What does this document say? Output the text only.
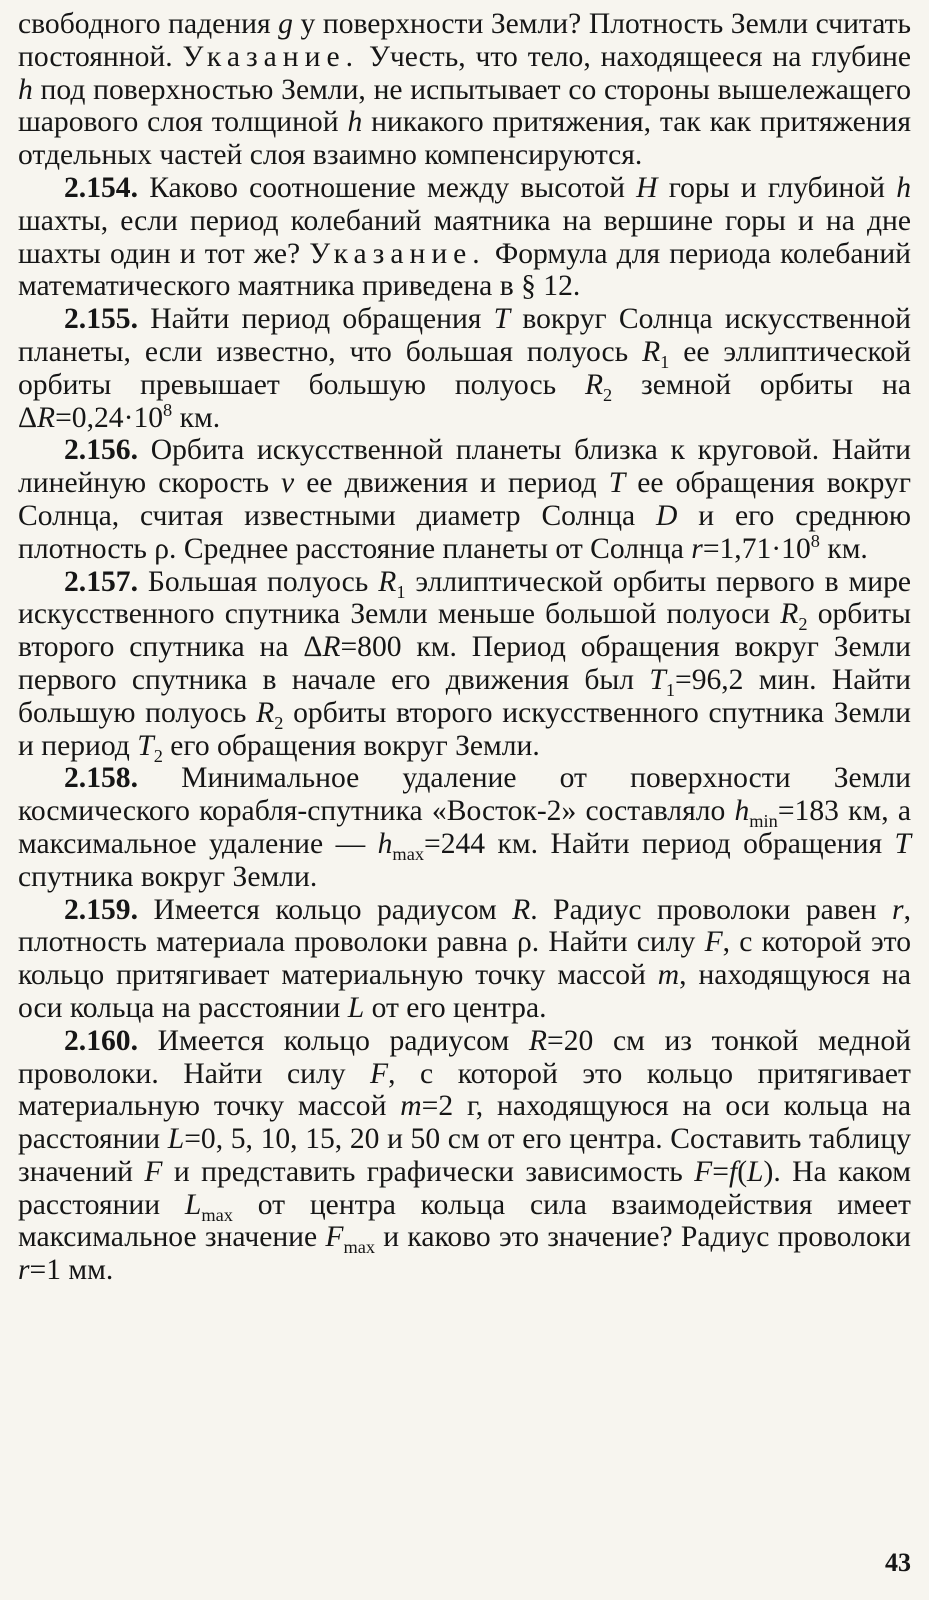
свободного падения g у поверхности Земли? Плотность Земли считать постоянной. Указание. Учесть, что тело, находящееся на глубине h под поверхностью Земли, не испытывает со стороны вышележащего шарового слоя толщиной h никакого притяжения, так как притяжения отдельных частей слоя взаимно компенсируются.

2.154. Каково соотношение между высотой H горы и глубиной h шахты, если период колебаний маятника на вершине горы и на дне шахты один и тот же? Указание. Формула для периода колебаний математического маятника приведена в § 12.

2.155. Найти период обращения T вокруг Солнца искусственной планеты, если известно, что большая полуось $R_1$ ее эллиптической орбиты превышает большую полуось $R_2$ земной орбиты на $\Delta R=0,24\cdot 10^8$ км.

2.156. Орбита искусственной планеты близка к круговой. Найти линейную скорость v ее движения и период T ее обращения вокруг Солнца, считая известными диаметр Солнца D и его среднюю плотность ρ. Среднее расстояние планеты от Солнца $r=1,71\cdot 10^8$ км.

2.157. Большая полуось $R_1$ эллиптической орбиты первого в мире искусственного спутника Земли меньше большой полуоси $R_2$ орбиты второго спутника на ΔR=800 км. Период обращения вокруг Земли первого спутника в начале его движения был $T_1=96,2$ мин. Найти большую полуось $R_2$ орбиты второго искусственного спутника Земли и период $T_2$ его обращения вокруг Земли.

2.158. Минимальное удаление от поверхности Земли космического корабля-спутника «Восток-2» составляло $h_{min}=183$ км, а максимальное удаление — $h_{max}=244$ км. Найти период обращения T спутника вокруг Земли.

2.159. Имеется кольцо радиусом R. Радиус проволоки равен r, плотность материала проволоки равна ρ. Найти силу F, с которой это кольцо притягивает материальную точку массой m, находящуюся на оси кольца на расстоянии L от его центра.

2.160. Имеется кольцо радиусом R=20 см из тонкой медной проволоки. Найти силу F, с которой это кольцо притягивает материальную точку массой m=2 г, находящуюся на оси кольца на расстоянии L=0, 5, 10, 15, 20 и 50 см от его центра. Составить таблицу значений F и представить графически зависимость F=f(L). На каком расстоянии $L_{max}$ от центра кольца сила взаимодействия имеет максимальное значение $F_{max}$ и каково это значение? Радиус проволоки r=1 мм.

43
